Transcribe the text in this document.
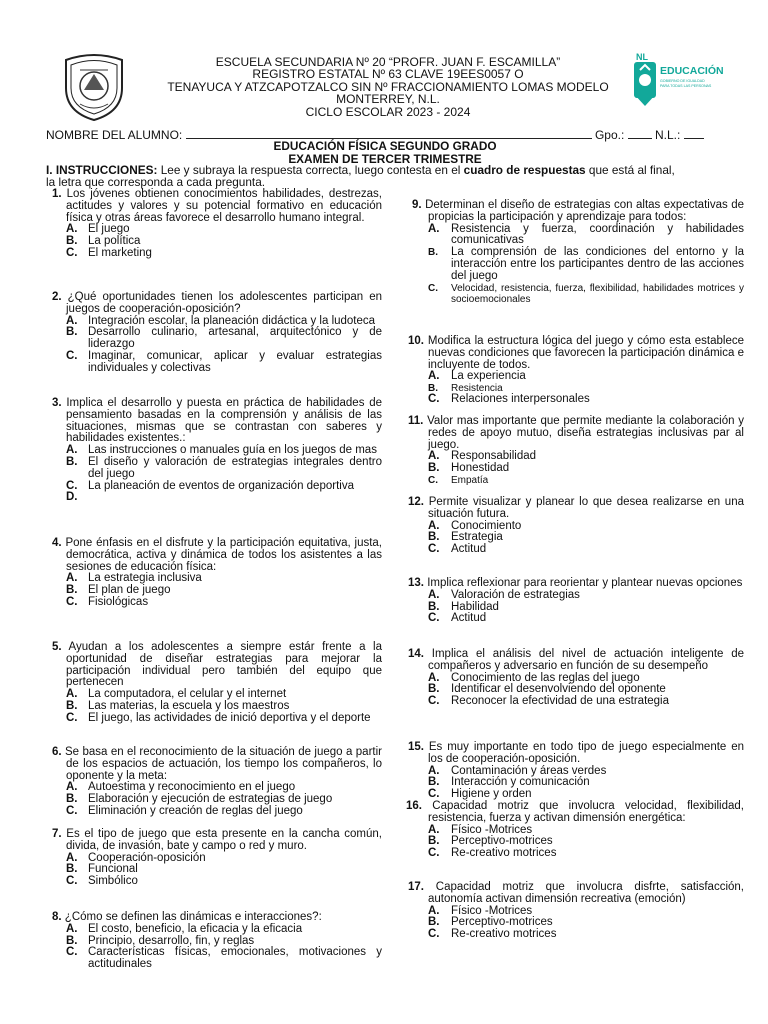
NL
EDUCACIÓN
GOBIERNO DE IGUALDAD
PARA TODAS LAS PERSONAS
ESCUELA SECUNDARIA Nº 20 “PROFR. JUAN F. ESCAMILLA”
REGISTRO ESTATAL Nº 63 CLAVE 19EES0057 O
TENAYUCA Y ATZCAPOTZALCO SIN Nº FRACCIONAMIENTO LOMAS MODELO
MONTERREY, N.L.
CICLO ESCOLAR 2023 - 2024
NOMBRE DEL ALUMNO:	Gpo.:	N.L.:
EDUCACIÓN FÍSICA SEGUNDO GRADO
EXAMEN DE TERCER TRIMESTRE
I. INSTRUCCIONES: Lee y subraya la respuesta correcta, luego contesta en el cuadro de respuestas que está al final,
la letra que corresponda a cada pregunta.
1. Los jóvenes obtienen conocimientos habilidades, destrezas, actitudes y valores y su potencial formativo en educación física y otras áreas favorece el desarrollo humano integral.
A. El juego
B. La política
C. El marketing
2. ¿Qué oportunidades tienen los adolescentes participan en juegos de cooperación-oposición?
A. Integración escolar, la planeación didáctica y la ludoteca
B. Desarrollo culinario, artesanal, arquitectónico y de liderazgo
C. Imaginar, comunicar, aplicar y evaluar estrategias individuales y colectivas
3. Implica el desarrollo y puesta en práctica de habilidades de pensamiento basadas en la comprensión y análisis de las situaciones, mismas que se contrastan con saberes y habilidades existentes.:
A. Las instrucciones o manuales guía en los juegos de mas
B. El diseño y valoración de estrategias integrales dentro del juego
C. La planeación de eventos de organización deportiva
D.
4. Pone énfasis en el disfrute y la participación equitativa, justa, democrática, activa y dinámica de todos los asistentes a las sesiones de educación física:
A. La estrategia inclusiva
B. El plan de juego
C. Fisiológicas
5. Ayudan a los adolescentes a siempre estár frente a la oportunidad de diseñar estrategias para mejorar la participación individual pero también del equipo que pertenecen
A. La computadora, el celular y el internet
B. Las materias, la escuela y los maestros
C. El juego, las actividades de inició deportiva y el deporte
6. Se basa en el reconocimiento de la situación de juego a partir de los espacios de actuación, los tiempo los compañeros, lo oponente y la meta:
A. Autoestima y reconocimiento en el juego
B. Elaboración y ejecución de estrategias de juego
C. Eliminación y creación de reglas del juego
7. Es el tipo de juego que esta presente en la cancha común, divida, de invasión, bate y campo o red y muro.
A. Cooperación-oposición
B. Funcional
C. Simbólico
8. ¿Cómo se definen las dinámicas e interacciones?:
A. El costo, beneficio, la eficacia y la eficacia
B. Principio, desarrollo, fin, y reglas
C. Características físicas, emocionales, motivaciones y actitudinales
9. Determinan el diseño de estrategias con altas expectativas de propicias la participación y aprendizaje para todos:
A.	Resistencia y fuerza, coordinación y habilidades comunicativas
B.	La comprensión de las condiciones del entorno y la interacción entre los participantes dentro de las acciones del juego
C.	Velocidad, resistencia, fuerza, flexibilidad, habilidades motrices y socioemocionales
10. Modifica la estructura lógica del juego y cómo esta establece nuevas condiciones que favorecen la participación dinámica e incluyente de todos.
A.	La experiencia
B.	Resistencia
C.	Relaciones interpersonales
11. Valor mas importante que permite mediante la colaboración y redes de apoyo mutuo, diseña estrategias inclusivas par al juego.
A.	Responsabilidad
B.	Honestidad
C.	Empatía
12. Permite visualizar y planear lo que desea realizarse en una situación futura.
A.	Conocimiento
B.	Estrategia
C.	Actitud
13. Implica reflexionar para reorientar y plantear nuevas opciones
A.	Valoración de estrategias
B.	Habilidad
C.	Actitud
14. Implica el análisis del nivel de actuación inteligente de compañeros y adversario en función de su desempeño
A.	Conocimiento de las reglas del juego
B.	Identificar el desenvolviendo del oponente
C.	Reconocer la efectividad de una estrategia
15. Es muy importante en todo tipo de juego especialmente en los de cooperación-oposición.
A.	Contaminación y áreas verdes
B.	Interacción y comunicación
C.	Higiene y orden
16. Capacidad motriz que involucra velocidad, flexibilidad, resistencia, fuerza y activan dimensión energética:
A.	Físico -Motrices
B.	Perceptivo-motrices
C.	Re-creativo motrices
17. Capacidad motriz que involucra disfrte, satisfacción, autonomía activan dimensión recreativa (emoción)
A.	Físico -Motrices
B.	Perceptivo-motrices
C.	Re-creativo motrices
